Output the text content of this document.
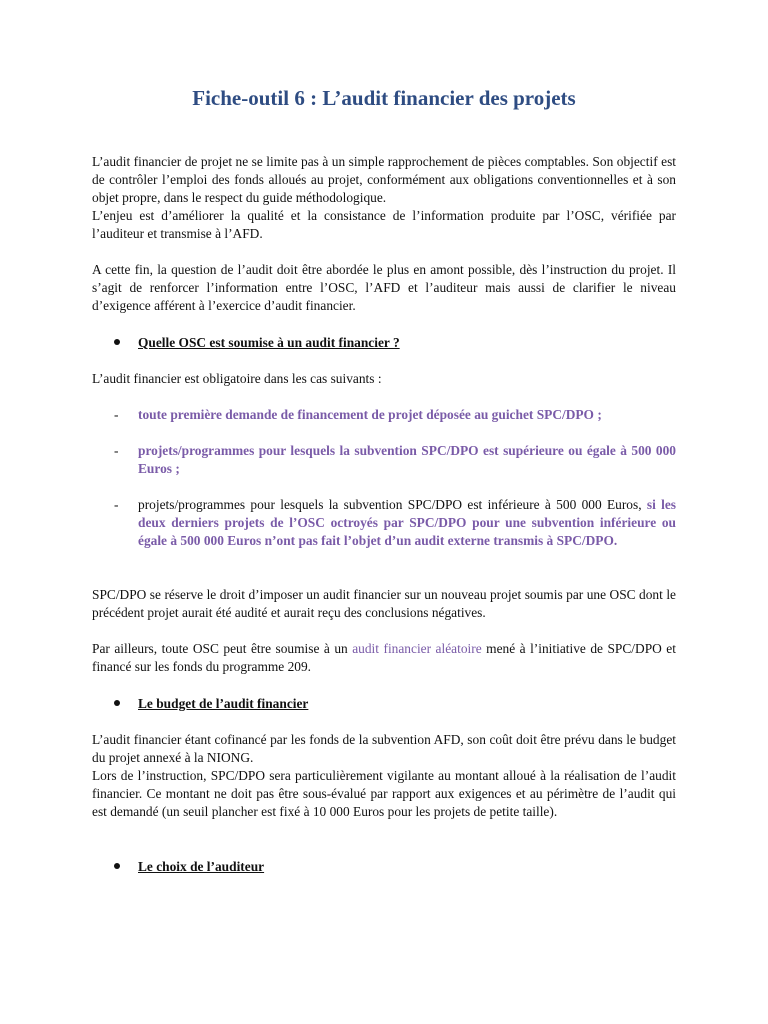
Fiche-outil 6 : L’audit financier des projets

L’audit financier de projet ne se limite pas à un simple rapprochement de pièces comptables. Son objectif est de contrôler l’emploi des fonds alloués au projet, conformément aux obligations conventionnelles et à son objet propre, dans le respect du guide méthodologique.

L’enjeu est d’améliorer la qualité et la consistance de l’information produite par l’OSC, vérifiée par l’auditeur et transmise à l’AFD.

A cette fin, la question de l’audit doit être abordée le plus en amont possible, dès l’instruction du projet. Il s’agit de renforcer l’information entre l’OSC, l’AFD et l’auditeur mais aussi de clarifier le niveau d’exigence afférent à l’exercice d’audit financier.

Quelle OSC est soumise à un audit financier ?

L’audit financier est obligatoire dans les cas suivants :

- toute première demande de financement de projet déposée au guichet SPC/DPO ;

- projets/programmes pour lesquels la subvention SPC/DPO est supérieure ou égale à 500 000 Euros ;

- projets/programmes pour lesquels la subvention SPC/DPO est inférieure à 500 000 Euros, si les deux derniers projets de l’OSC octroyés par SPC/DPO pour une subvention inférieure ou égale à 500 000 Euros n’ont pas fait l’objet d’un audit externe transmis à SPC/DPO.

SPC/DPO se réserve le droit d’imposer un audit financier sur un nouveau projet soumis par une OSC dont le précédent projet aurait été audité et aurait reçu des conclusions négatives.

Par ailleurs, toute OSC peut être soumise à un audit financier aléatoire mené à l’initiative de SPC/DPO et financé sur les fonds du programme 209.

Le budget de l’audit financier

L’audit financier étant cofinancé par les fonds de la subvention AFD, son coût doit être prévu dans le budget du projet annexé à la NIONG.

Lors de l’instruction, SPC/DPO sera particulièrement vigilante au montant alloué à la réalisation de l’audit financier. Ce montant ne doit pas être sous-évalué par rapport aux exigences et au périmètre de l’audit qui est demandé (un seuil plancher est fixé à 10 000 Euros pour les projets de petite taille).

Le choix de l’auditeur
